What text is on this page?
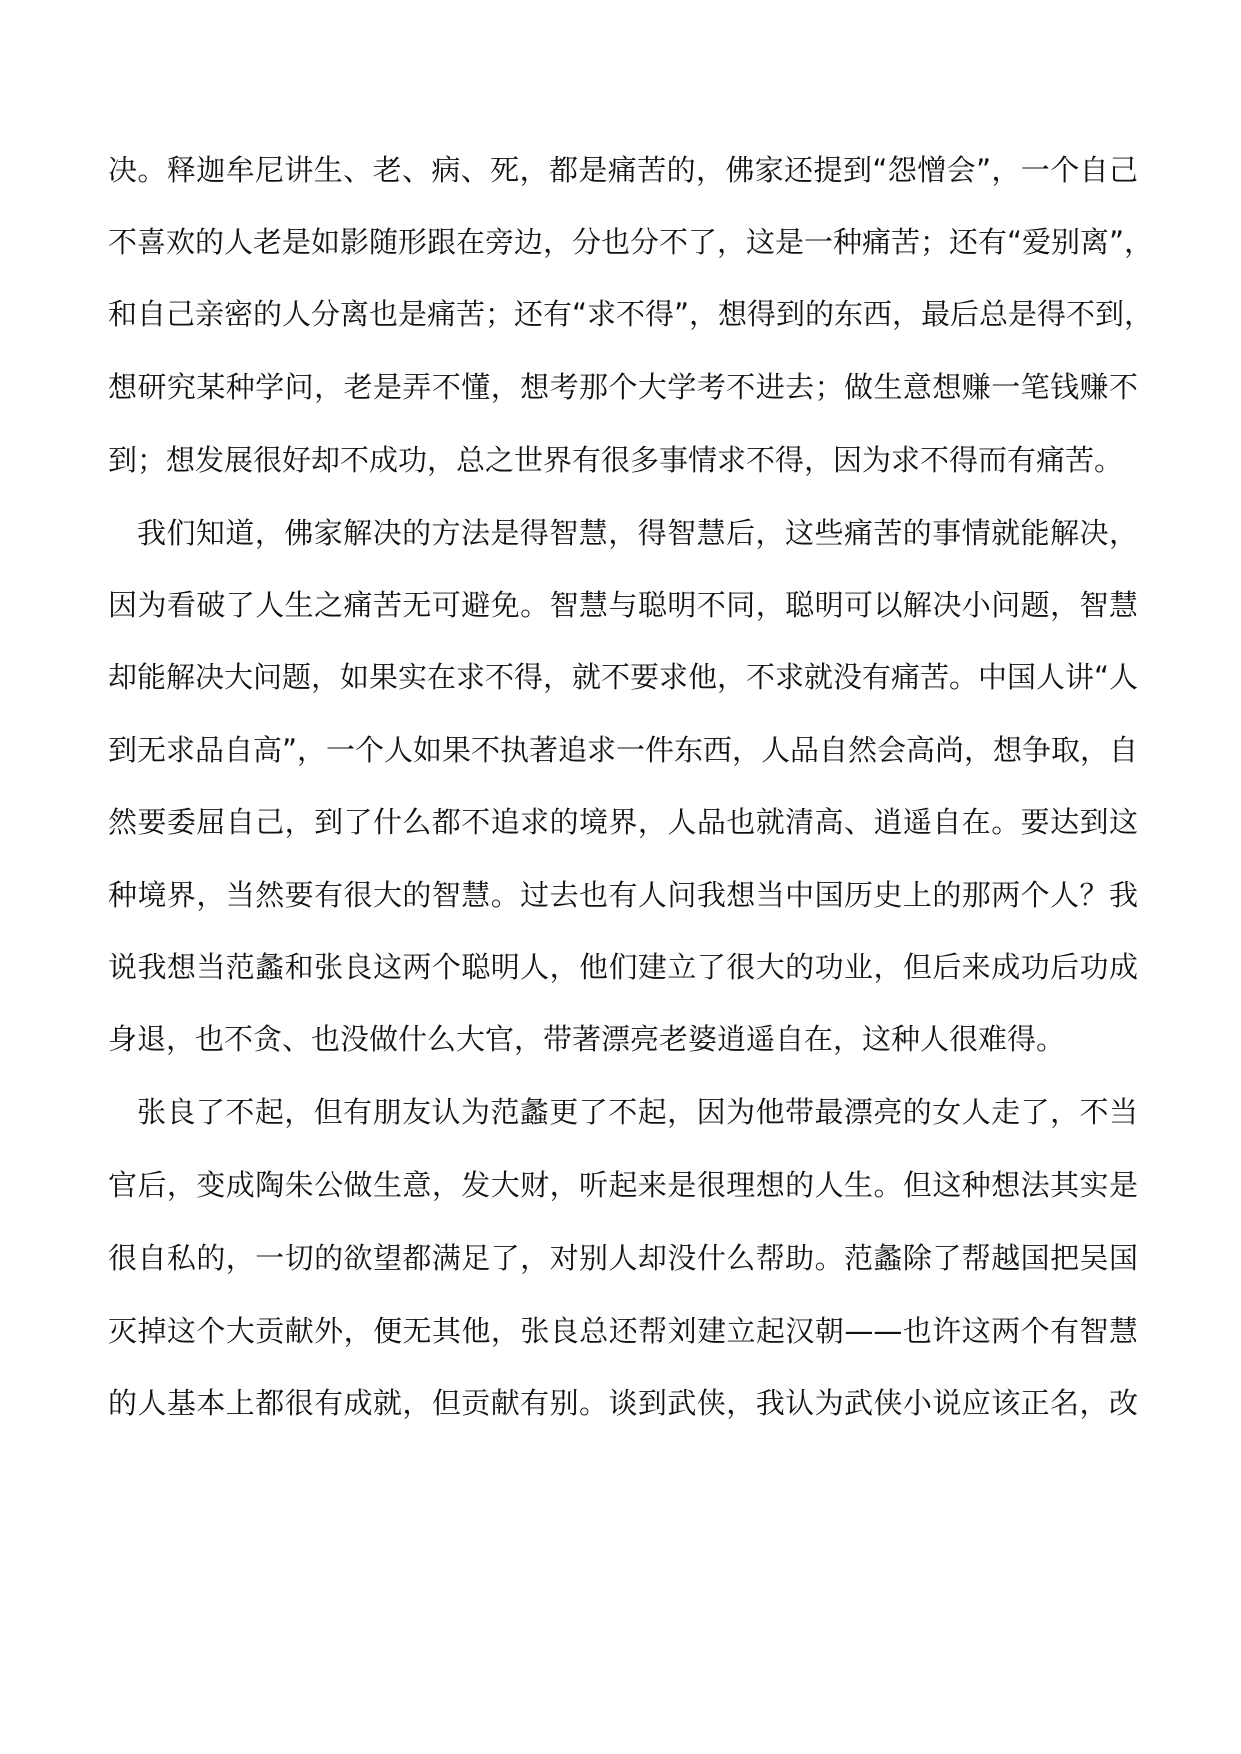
决。释迦牟尼讲生、老、病、死，都是痛苦的，佛家还提到“怨憎会”，一个自己
不喜欢的人老是如影随形跟在旁边，分也分不了，这是一种痛苦；还有“爱别离”，
和自己亲密的人分离也是痛苦；还有“求不得”，想得到的东西，最后总是得不到，
想研究某种学问，老是弄不懂，想考那个大学考不进去；做生意想赚一笔钱赚不
到；想发展很好却不成功，总之世界有很多事情求不得，因为求不得而有痛苦。
我们知道，佛家解决的方法是得智慧，得智慧后，这些痛苦的事情就能解决，
因为看破了人生之痛苦无可避免。智慧与聪明不同，聪明可以解决小问题，智慧
却能解决大问题，如果实在求不得，就不要求他，不求就没有痛苦。中国人讲“人
到无求品自高”，一个人如果不执著追求一件东西，人品自然会高尚，想争取，自
然要委屈自己，到了什么都不追求的境界，人品也就清高、逍遥自在。要达到这
种境界，当然要有很大的智慧。过去也有人问我想当中国历史上的那两个人？我
说我想当范蠡和张良这两个聪明人，他们建立了很大的功业，但后来成功后功成
身退，也不贪、也没做什么大官，带著漂亮老婆逍遥自在，这种人很难得。
张良了不起，但有朋友认为范蠡更了不起，因为他带最漂亮的女人走了，不当
官后，变成陶朱公做生意，发大财，听起来是很理想的人生。但这种想法其实是
很自私的，一切的欲望都满足了，对别人却没什么帮助。范蠡除了帮越国把吴国
灭掉这个大贡献外，便无其他，张良总还帮刘建立起汉朝——也许这两个有智慧
的人基本上都很有成就，但贡献有别。谈到武侠，我认为武侠小说应该正名，改
